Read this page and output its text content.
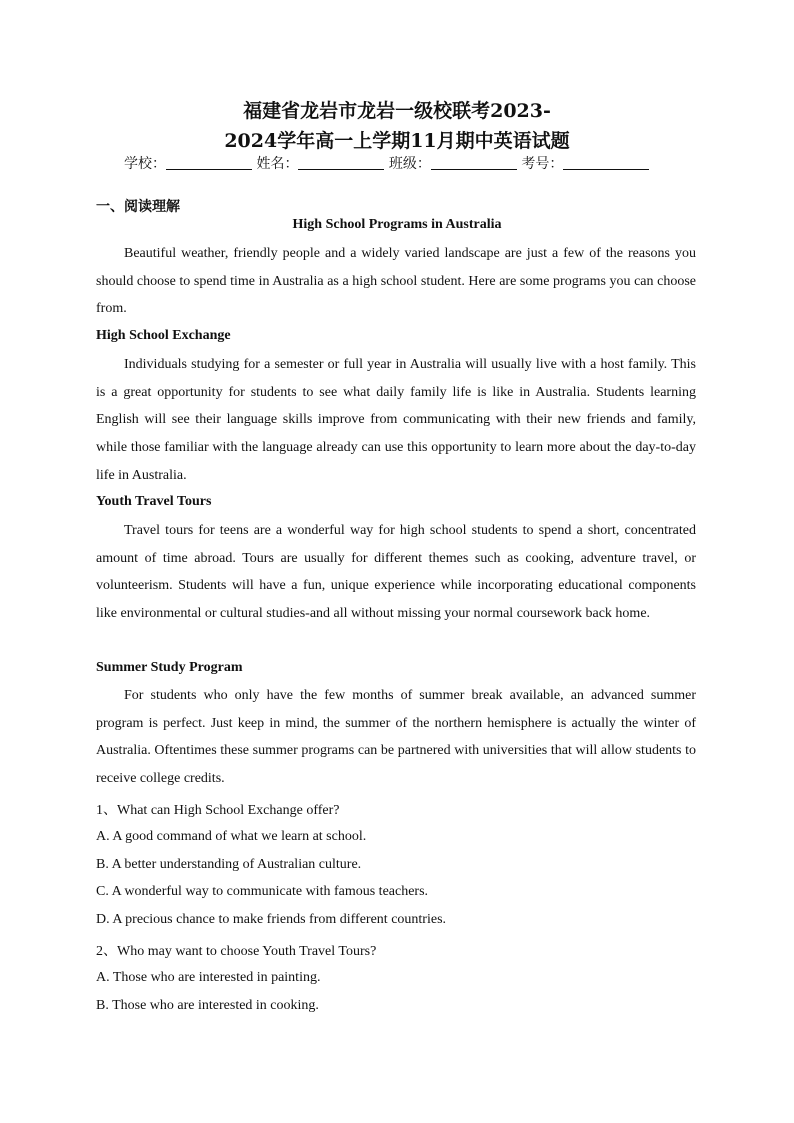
福建省龙岩市龙岩一级校联考2023-
2024学年高一上学期11月期中英语试题
学校：	姓名：	班级：	考号：
一、阅读理解
High School Programs in Australia

Beautiful weather, friendly people and a widely varied landscape are just a few of the reasons you should choose to spend time in Australia as a high school student. Here are some programs you can choose from.

High School Exchange

Individuals studying for a semester or full year in Australia will usually live with a host family. This is a great opportunity for students to see what daily family life is like in Australia. Students learning English will see their language skills improve from communicating with their new friends and family, while those familiar with the language already can use this opportunity to learn more about the day-to-day life in Australia.

Youth Travel Tours

Travel tours for teens are a wonderful way for high school students to spend a short, concentrated amount of time abroad. Tours are usually for different themes such as cooking, adventure travel, or volunteerism. Students will have a fun, unique experience while incorporating educational components like environmental or cultural studies-and all without missing your normal coursework back home.

Summer Study Program

For students who only have the few months of summer break available, an advanced summer program is perfect. Just keep in mind, the summer of the northern hemisphere is actually the winter of Australia. Oftentimes these summer programs can be partnered with universities that will allow students to receive college credits.

1、What can High School Exchange offer?
A. A good command of what we learn at school.
B. A better understanding of Australian culture.
C. A wonderful way to communicate with famous teachers.
D. A precious chance to make friends from different countries.
2、Who may want to choose Youth Travel Tours?
A. Those who are interested in painting.
B. Those who are interested in cooking.
